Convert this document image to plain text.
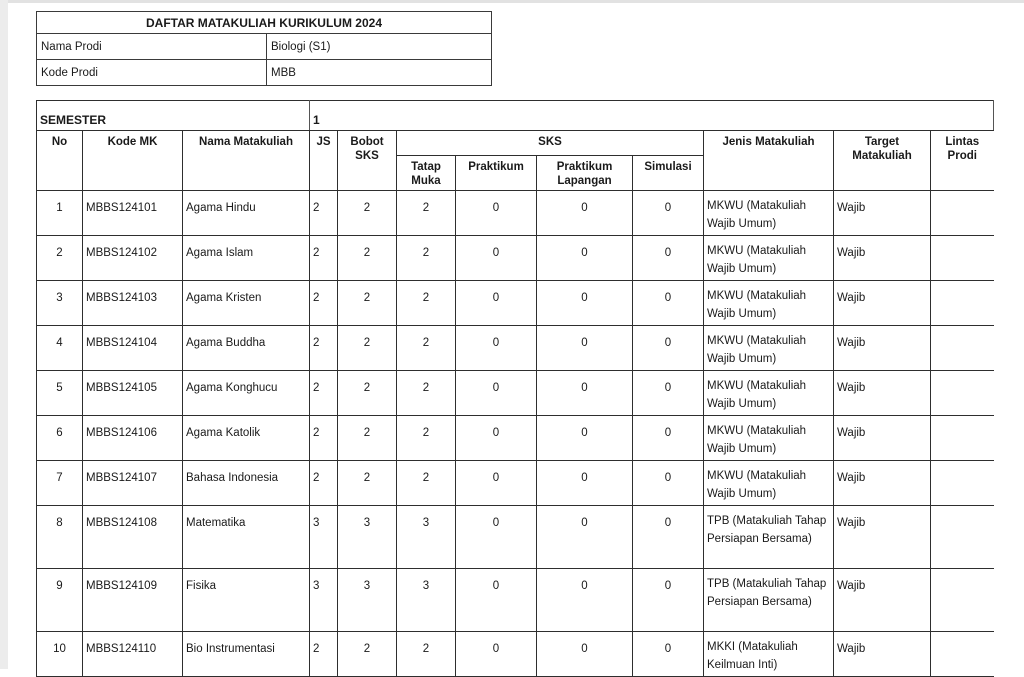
DAFTAR MATAKULIAH KURIKULUM 2024	
Nama Prodi	Biologi (S1)
Kode Prodi	MBB
SEMESTER			1								
No	Kode MK	Nama Matakuliah	JS	Bobot SKS	SKS				Jenis Matakuliah	Target Matakuliah	Lintas Prodi
					Tatap Muka	Praktikum	Praktikum Lapangan	Simulasi			
1	MBBS124101	Agama Hindu	2	2	2	0	0	0	MKWU (Matakuliah Wajib Umum)	Wajib	
2	MBBS124102	Agama Islam	2	2	2	0	0	0	MKWU (Matakuliah Wajib Umum)	Wajib	
3	MBBS124103	Agama Kristen	2	2	2	0	0	0	MKWU (Matakuliah Wajib Umum)	Wajib	
4	MBBS124104	Agama Buddha	2	2	2	0	0	0	MKWU (Matakuliah Wajib Umum)	Wajib	
5	MBBS124105	Agama Konghucu	2	2	2	0	0	0	MKWU (Matakuliah Wajib Umum)	Wajib	
6	MBBS124106	Agama Katolik	2	2	2	0	0	0	MKWU (Matakuliah Wajib Umum)	Wajib	
7	MBBS124107	Bahasa Indonesia	2	2	2	0	0	0	MKWU (Matakuliah Wajib Umum)	Wajib	
8	MBBS124108	Matematika	3	3	3	0	0	0	TPB (Matakuliah Tahap Persiapan Bersama)	Wajib	
9	MBBS124109	Fisika	3	3	3	0	0	0	TPB (Matakuliah Tahap Persiapan Bersama)	Wajib	
10	MBBS124110	Bio Instrumentasi	2	2	2	0	0	0	MKKI (Matakuliah Keilmuan Inti)	Wajib	
